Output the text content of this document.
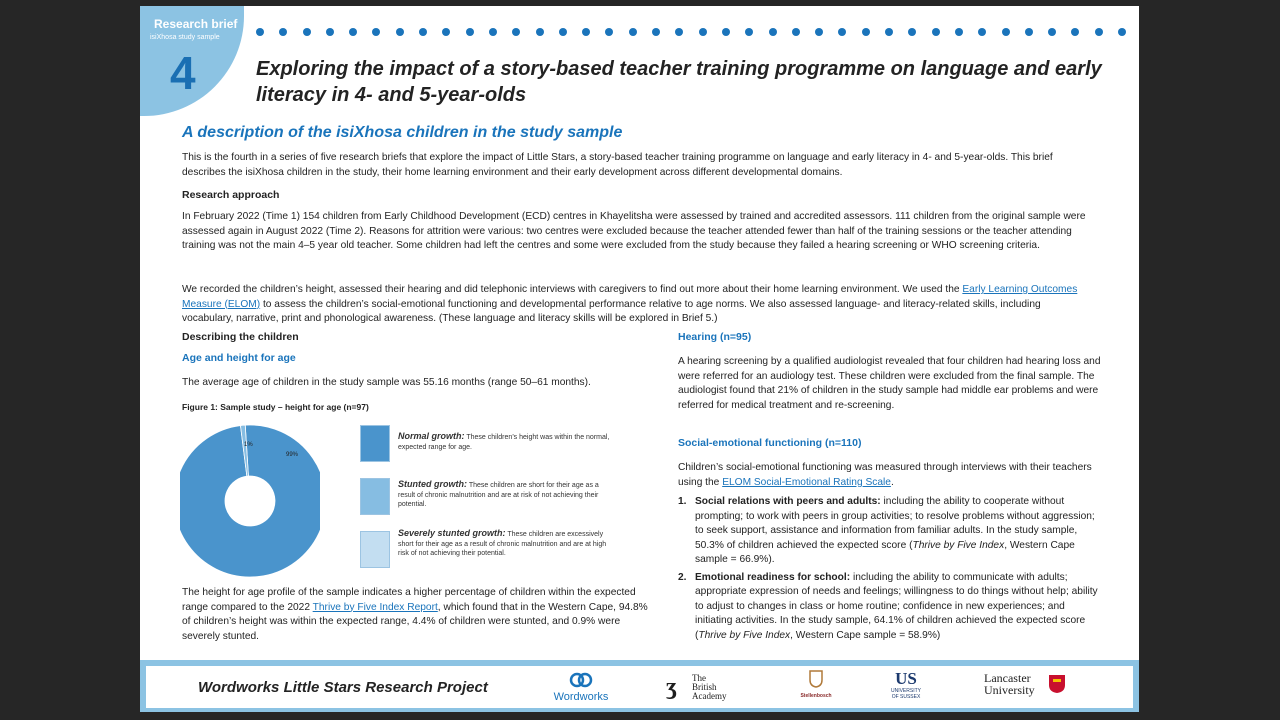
Research brief
isiXhosa study sample
4	Exploring the impact of a story-based teacher training programme on language and early literacy in 4- and 5-year-olds
A description of the isiXhosa children in the study sample
This is the fourth in a series of five research briefs that explore the impact of Little Stars, a story-based teacher training programme on language and early literacy in 4- and 5-year-olds. This brief describes the isiXhosa children in the study, their home learning environment and their early development across different developmental domains.
Research approach
In February 2022 (Time 1) 154 children from Early Childhood Development (ECD) centres in Khayelitsha were assessed by trained and accredited assessors. 111 children from the original sample were assessed again in August 2022 (Time 2). Reasons for attrition were various: two centres were excluded because the teacher attended fewer than half of the training sessions or the teacher attending training was not the main 4–5 year old teacher. Some children had left the centres and some were excluded from the study because they failed a hearing screening or WHO screening criteria.
We recorded the children’s height, assessed their hearing and did telephonic interviews with caregivers to find out more about their home learning environment. We used the Early Learning Outcomes Measure (ELOM) to assess the children’s social-emotional functioning and developmental performance relative to age norms. We also assessed language- and literacy-related skills, including vocabulary, narrative, print and phonological awareness. (These language and literacy skills will be explored in Brief 5.)
Describing the children
Age and height for age
The average age of children in the study sample was 55.16 months (range 50–61 months).
Figure 1: Sample study – height for age (n=97)
99%
1%
Normal growth: These children’s height was within the normal, expected range for age.
Stunted growth: These children are short for their age as a result of chronic malnutrition and are at risk of not achieving their potential.
Severely stunted growth: These children are excessively short for their age as a result of chronic malnutrition and are at high risk of not achieving their potential.
The height for age profile of the sample indicates a higher percentage of children within the expected range compared to the 2022 Thrive by Five Index Report, which found that in the Western Cape, 94.8% of children’s height was within the expected range, 4.4% of children were stunted, and 0.9% were severely stunted.
Hearing (n=95)
A hearing screening by a qualified audiologist revealed that four children had hearing loss and were referred for an audiology test. These children were excluded from the final sample. The audiologist found that 21% of children in the study sample had middle ear problems and were referred for medical treatment and re-screening.
Social-emotional functioning (n=110)
Children’s social-emotional functioning was measured through interviews with their teachers using the ELOM Social-Emotional Rating Scale.
1. Social relations with peers and adults: including the ability to cooperate without prompting; to work with peers in group activities; to resolve problems without aggression; to seek support, assistance and information from familiar adults. In the study sample, 50.3% of children achieved the expected score (Thrive by Five Index, Western Cape sample = 66.9%).
2. Emotional readiness for school: including the ability to communicate with adults; appropriate expression of needs and feelings; willingness to do things without help; ability to adjust to changes in class or home routine; confidence in new experiences; and initiating activities. In the study sample, 64.1% of children achieved the expected score (Thrive by Five Index, Western Cape sample = 58.9%)
Wordworks Little Stars Research Project
Wordworks	ʒ The
British
Academy	Stellenbosch
US
UNIVERSITY
OF SUSSEX
Lancaster
University
